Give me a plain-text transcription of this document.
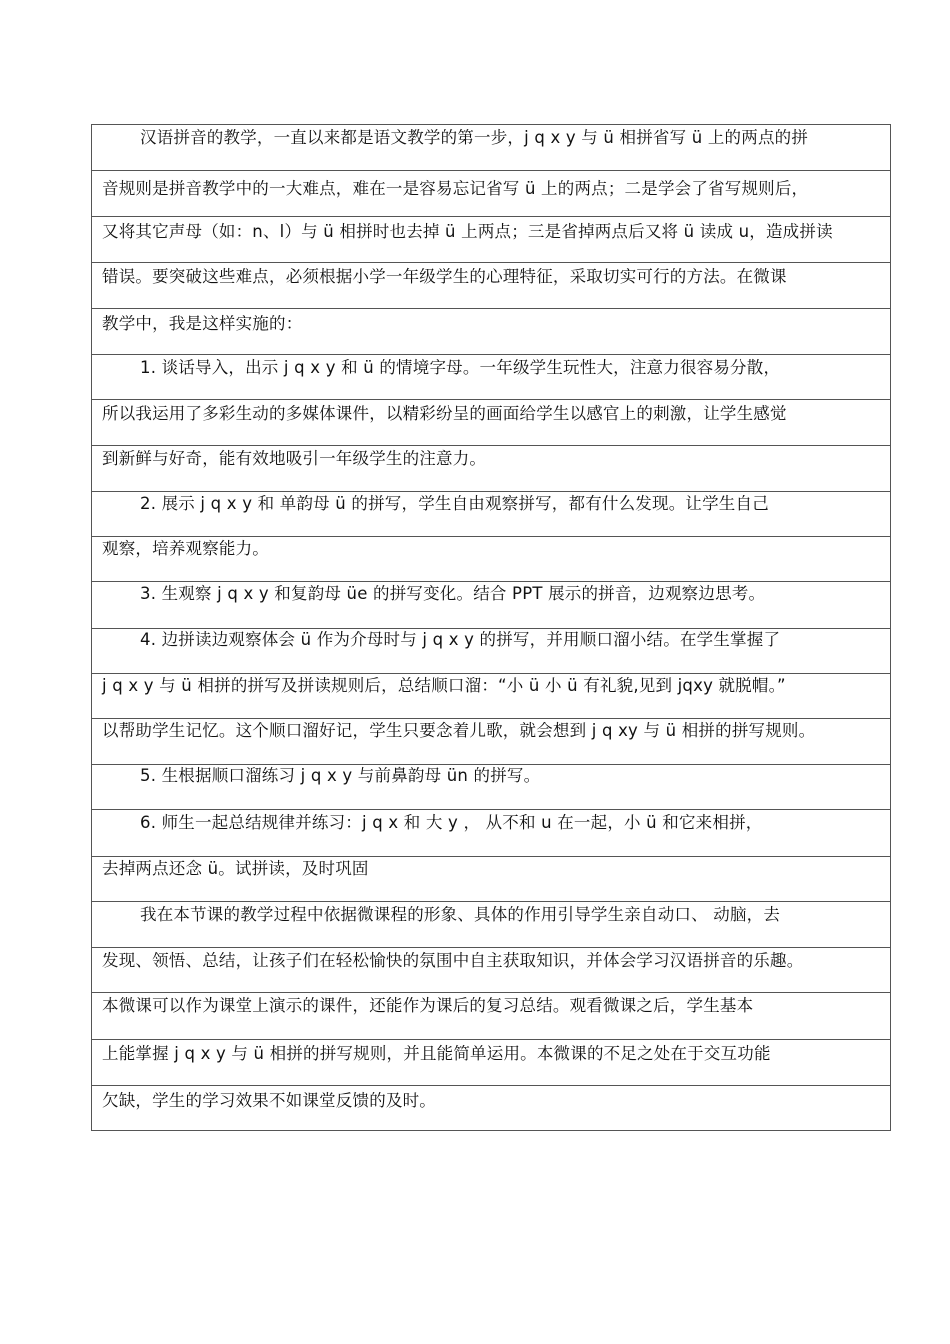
汉语拼音的教学，一直以来都是语文教学的第一步，j q x y 与 ü 相拼省写 ü 上的两点的拼
音规则是拼音教学中的一大难点，难在一是容易忘记省写 ü 上的两点；二是学会了省写规则后，
又将其它声母（如：n、l）与 ü 相拼时也去掉 ü 上两点；三是省掉两点后又将 ü 读成 u，造成拼读
错误。要突破这些难点，必须根据小学一年级学生的心理特征，采取切实可行的方法。在微课
教学中，我是这样实施的：
1. 谈话导入，出示 j q x y 和 ü 的情境字母。一年级学生玩性大，注意力很容易分散，
所以我运用了多彩生动的多媒体课件，以精彩纷呈的画面给学生以感官上的刺激，让学生感觉
到新鲜与好奇，能有效地吸引一年级学生的注意力。
2. 展示 j q x y 和 单韵母 ü 的拼写，学生自由观察拼写，都有什么发现。让学生自己
观察，培养观察能力。
3. 生观察 j q x y 和复韵母 üe 的拼写变化。结合 PPT 展示的拼音，边观察边思考。
4. 边拼读边观察体会 ü 作为介母时与 j q x y 的拼写，并用顺口溜小结。在学生掌握了
j q x y 与 ü 相拼的拼写及拼读规则后，总结顺口溜：“小 ü 小 ü 有礼貌,见到 jqxy 就脱帽。”
以帮助学生记忆。这个顺口溜好记，学生只要念着儿歌，就会想到 j q xy 与 ü 相拼的拼写规则。
5. 生根据顺口溜练习 j q x y 与前鼻韵母 ün 的拼写。
6. 师生一起总结规律并练习：j q x 和 大 y ， 从不和 u 在一起，小 ü 和它来相拼，
去掉两点还念 ü。试拼读，及时巩固
我在本节课的教学过程中依据微课程的形象、具体的作用引导学生亲自动口、 动脑，去
发现、领悟、总结，让孩子们在轻松愉快的氛围中自主获取知识，并体会学习汉语拼音的乐趣。
本微课可以作为课堂上演示的课件，还能作为课后的复习总结。观看微课之后，学生基本
上能掌握 j q x y 与 ü 相拼的拼写规则，并且能简单运用。本微课的不足之处在于交互功能
欠缺，学生的学习效果不如课堂反馈的及时。
